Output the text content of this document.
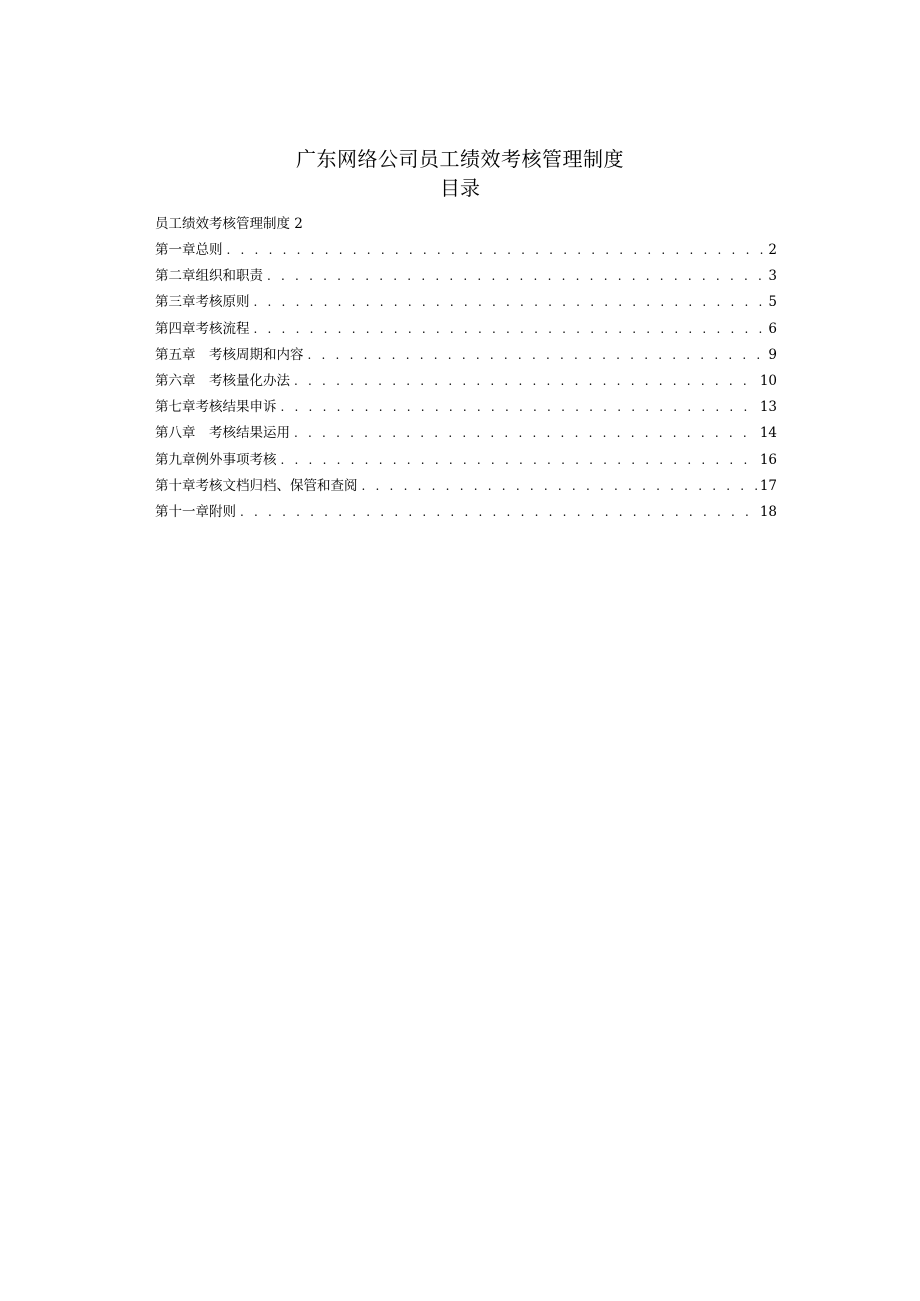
广东网络公司员工绩效考核管理制度
目录
员工绩效考核管理制度 2
第一章总则 . . .	2
第二章组织和职责 . . .	3
第三章考核原则 . . .	5
第四章考核流程 . . .	6
第五章　考核周期和内容 . . .	9
第六章　考核量化办法 . . .	10
第七章考核结果申诉 . . .	13
第八章　考核结果运用 . . .	14
第九章例外事项考核 . . .	16
第十章考核文档归档、保管和查阅 . . .	17
第十一章附则 . . .	18
